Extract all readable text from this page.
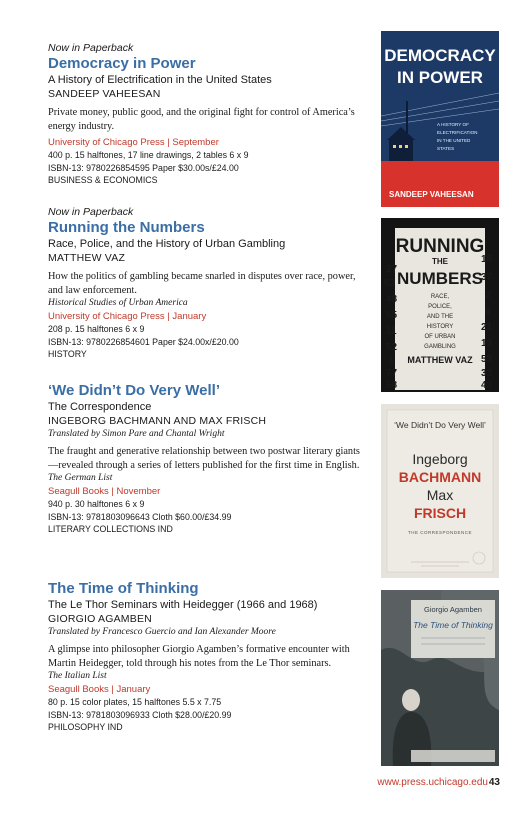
Now in Paperback
Democracy in Power
A History of Electrification in the United States
SANDEEP VAHEESAN
Private money, public good, and the original fight for control of America’s energy industry.
University of Chicago Press | September
400 p. 15 halftones, 17 line drawings, 2 tables 6 x 9
ISBN-13: 9780226854595 Paper $30.00s/£24.00
BUSINESS & ECONOMICS
DEMOCRACY
IN POWER
A HISTORY OF
ELECTRIFICATION
IN THE UNITED
STATES
SANDEEP VAHEESAN
Now in Paperback
Running the Numbers
Race, Police, and the History of Urban Gambling
MATTHEW VAZ
How the politics of gambling became snarled in disputes over race, power, and law enforcement.
Historical Studies of Urban America
University of Chicago Press | January
208 p. 15 halftones 6 x 9
ISBN-13: 9780226854601 Paper $24.00x/£20.00
HISTORY
RUNNING
THE
NUMBERS
27
18
63
37
48	2
65	6
11	21
52	19
4	53
77	33
58	43
RACE,
POLICE,
AND THE
HISTORY
OF URBAN
GAMBLING
MATTHEW VAZ
‘We Didn’t Do Very Well’
The Correspondence
INGEBORG BACHMANN AND MAX FRISCH
Translated by Simon Pare and Chantal Wright
The fraught and generative relationship between two postwar literary giants—revealed through a series of letters published for the first time in English.
The German List
Seagull Books | November
940 p. 30 halftones 6 x 9
ISBN-13: 9781803096643 Cloth $60.00/£34.99
LITERARY COLLECTIONS IND
‘We Didn’t Do Very Well’
Ingeborg
BACHMANN
Max
FRISCH
THE CORRESPONDENCE
The Time of Thinking
The Le Thor Seminars with Heidegger (1966 and 1968)
GIORGIO AGAMBEN
Translated by Francesco Guercio and Ian Alexander Moore
A glimpse into philosopher Giorgio Agamben’s formative encounter with Martin Heidegger, told through his notes from the Le Thor seminars.
The Italian List
Seagull Books | January
80 p. 15 color plates, 15 halftones 5.5 x 7.75
ISBN-13: 9781803096933 Cloth $28.00/£20.99
PHILOSOPHY IND
Giorgio Agamben
The Time of Thinking
www.press.uchicago.edu 43
